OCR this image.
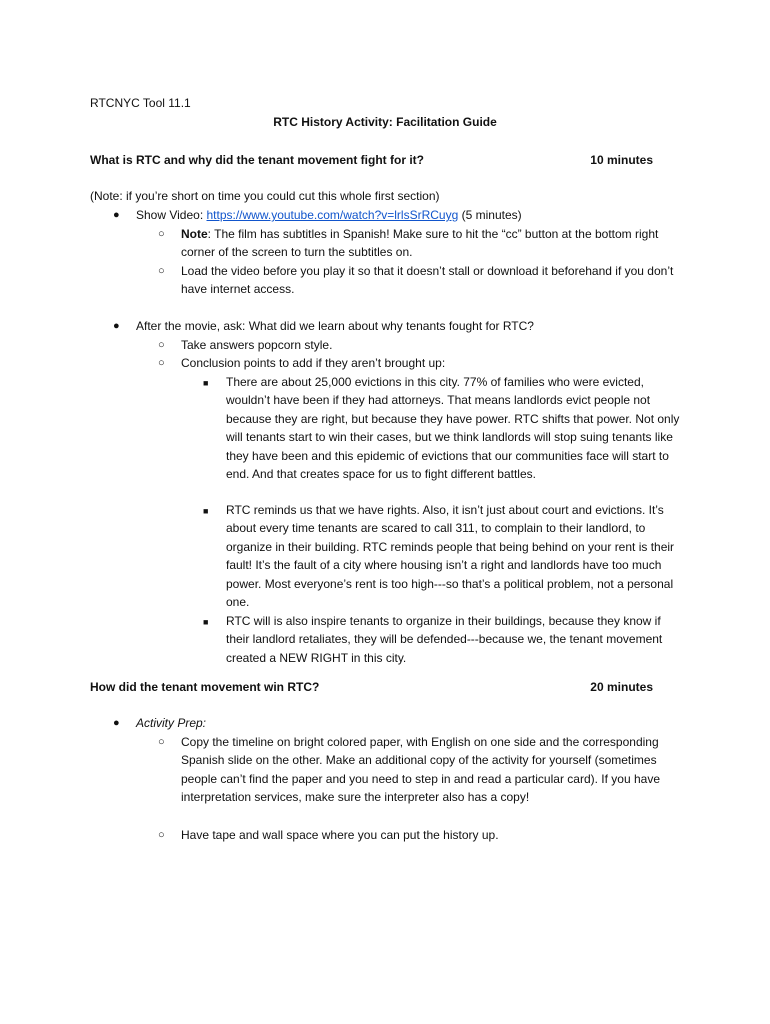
RTCNYC Tool 11.1
RTC History Activity: Facilitation Guide
What is RTC and why did the tenant movement fight for it?	10 minutes
(Note: if you’re short on time you could cut this whole first section)
● Show Video: https://www.youtube.com/watch?v=lrlsSrRCuyg (5 minutes)
○ Note: The film has subtitles in Spanish! Make sure to hit the “cc” button at the bottom right corner of the screen to turn the subtitles on.
○ Load the video before you play it so that it doesn’t stall or download it beforehand if you don’t have internet access.
● After the movie, ask: What did we learn about why tenants fought for RTC?
○ Take answers popcorn style.
○ Conclusion points to add if they aren’t brought up:
■ There are about 25,000 evictions in this city. 77% of families who were evicted, wouldn’t have been if they had attorneys. That means landlords evict people not because they are right, but because they have power. RTC shifts that power. Not only will tenants start to win their cases, but we think landlords will stop suing tenants like they have been and this epidemic of evictions that our communities face will start to end. And that creates space for us to fight different battles.
■ RTC reminds us that we have rights. Also, it isn’t just about court and evictions. It’s about every time tenants are scared to call 311, to complain to their landlord, to organize in their building. RTC reminds people that being behind on your rent is their fault! It’s the fault of a city where housing isn’t a right and landlords have too much power. Most everyone’s rent is too high---so that’s a political problem, not a personal one.
■ RTC will is also inspire tenants to organize in their buildings, because they know if their landlord retaliates, they will be defended---because we, the tenant movement created a NEW RIGHT in this city.
How did the tenant movement win RTC?	20 minutes
● Activity Prep:
○ Copy the timeline on bright colored paper, with English on one side and the corresponding Spanish slide on the other. Make an additional copy of the activity for yourself (sometimes people can’t find the paper and you need to step in and read a particular card). If you have interpretation services, make sure the interpreter also has a copy!
○ Have tape and wall space where you can put the history up.
